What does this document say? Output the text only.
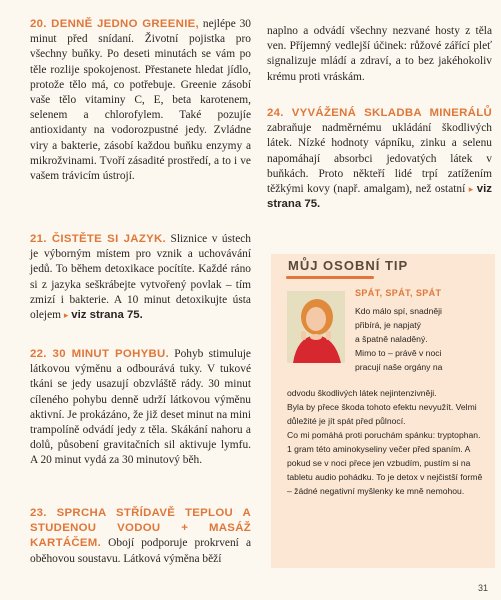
20. DENNĚ JEDNO GREENIE, nejlépe 30 minut před snídaní. Životní pojistka pro všechny buňky. Po deseti minutách se vám po těle rozlije spokojenost. Přestanete hledat jídlo, protože tělo má, co potřebuje. Greenie zásobí vaše tělo vitaminy C, E, beta karotenem, selenem a chlorofylem. Také pozujíe antioxidanty na vodorozpustné jedy. Zvládne viry a bakterie, zásobí každou buňku enzymy a mikrožvinami. Tvoří zásadité prostředí, a to i ve vašem trávicím ústrojí.

21. ČISTĚTE SI JAZYK. Sliznice v ústech je výborným místem pro vznik a uchovávání jedů. To během detoxikace pocítíte. Každé ráno si z jazyka seškrábejte vytvořený povlak – tím zmizí i bakterie. A 10 minut detoxikujte ústa olejem ▸ viz strana 75.

22. 30 MINUT POHYBU. Pohyb stimuluje látkovou výměnu a odbourává tuky. V tukové tkáni se jedy usazují obzvláště rády. 30 minut cíleného pohybu denně udrží látkovou výměnu aktivní. Je prokázáno, že již deset minut na mini trampolíně odvádí jedy z těla. Skákání nahoru a dolů, působení gravitačních sil aktivuje lymfu. A 20 minut vydá za 30 minutový běh.

23. SPRCHA STŘÍDAVĚ TEPLOU A STUDENOU VODOU + MASÁŽ KARTÁČEM. Obojí podporuje prokrvení a oběhovou soustavu. Látková výměna běží

naplno a odvádí všechny nezvané hosty z těla ven. Příjemný vedlejší účinek: růžové zářící pleť signalizuje mládí a zdraví, a to bez jakéhokoliv krému proti vráskám.

24. VYVÁŽENÁ SKLADBA MINERÁLŮ zabraňuje nadměrnému ukládání škodlivých látek. Nízké hodnoty vápníku, zinku a selenu napomáhají absorbci jedovatých látek v buňkách. Proto někteří lidé trpí zatížením těžkými kovy (např. amalgam), než ostatní ▸ viz strana 75.

MŮJ OSOBNÍ TIP
SPÁT, SPÁT, SPÁT

Kdo málo spí, snadněji

přibírá, je napjatý

a špatně naladěný.

Mimo to – právě v noci

pracují naše orgány na

odvodu škodlivých látek nejintenzivněji.

Byla by přece škoda tohoto efektu nevyužít. Velmi důležité je jít spát před půlnocí.

Co mi pomáhá proti poruchám spánku: tryptophan. 1 gram této aminokyseliny večer před spaním. A pokud se v noci přece jen vzbudím, pustím si na tabletu audio pohádku. To je detox v nejčistší formě – žádné negativní myšlenky ke mně nemohou.

31
